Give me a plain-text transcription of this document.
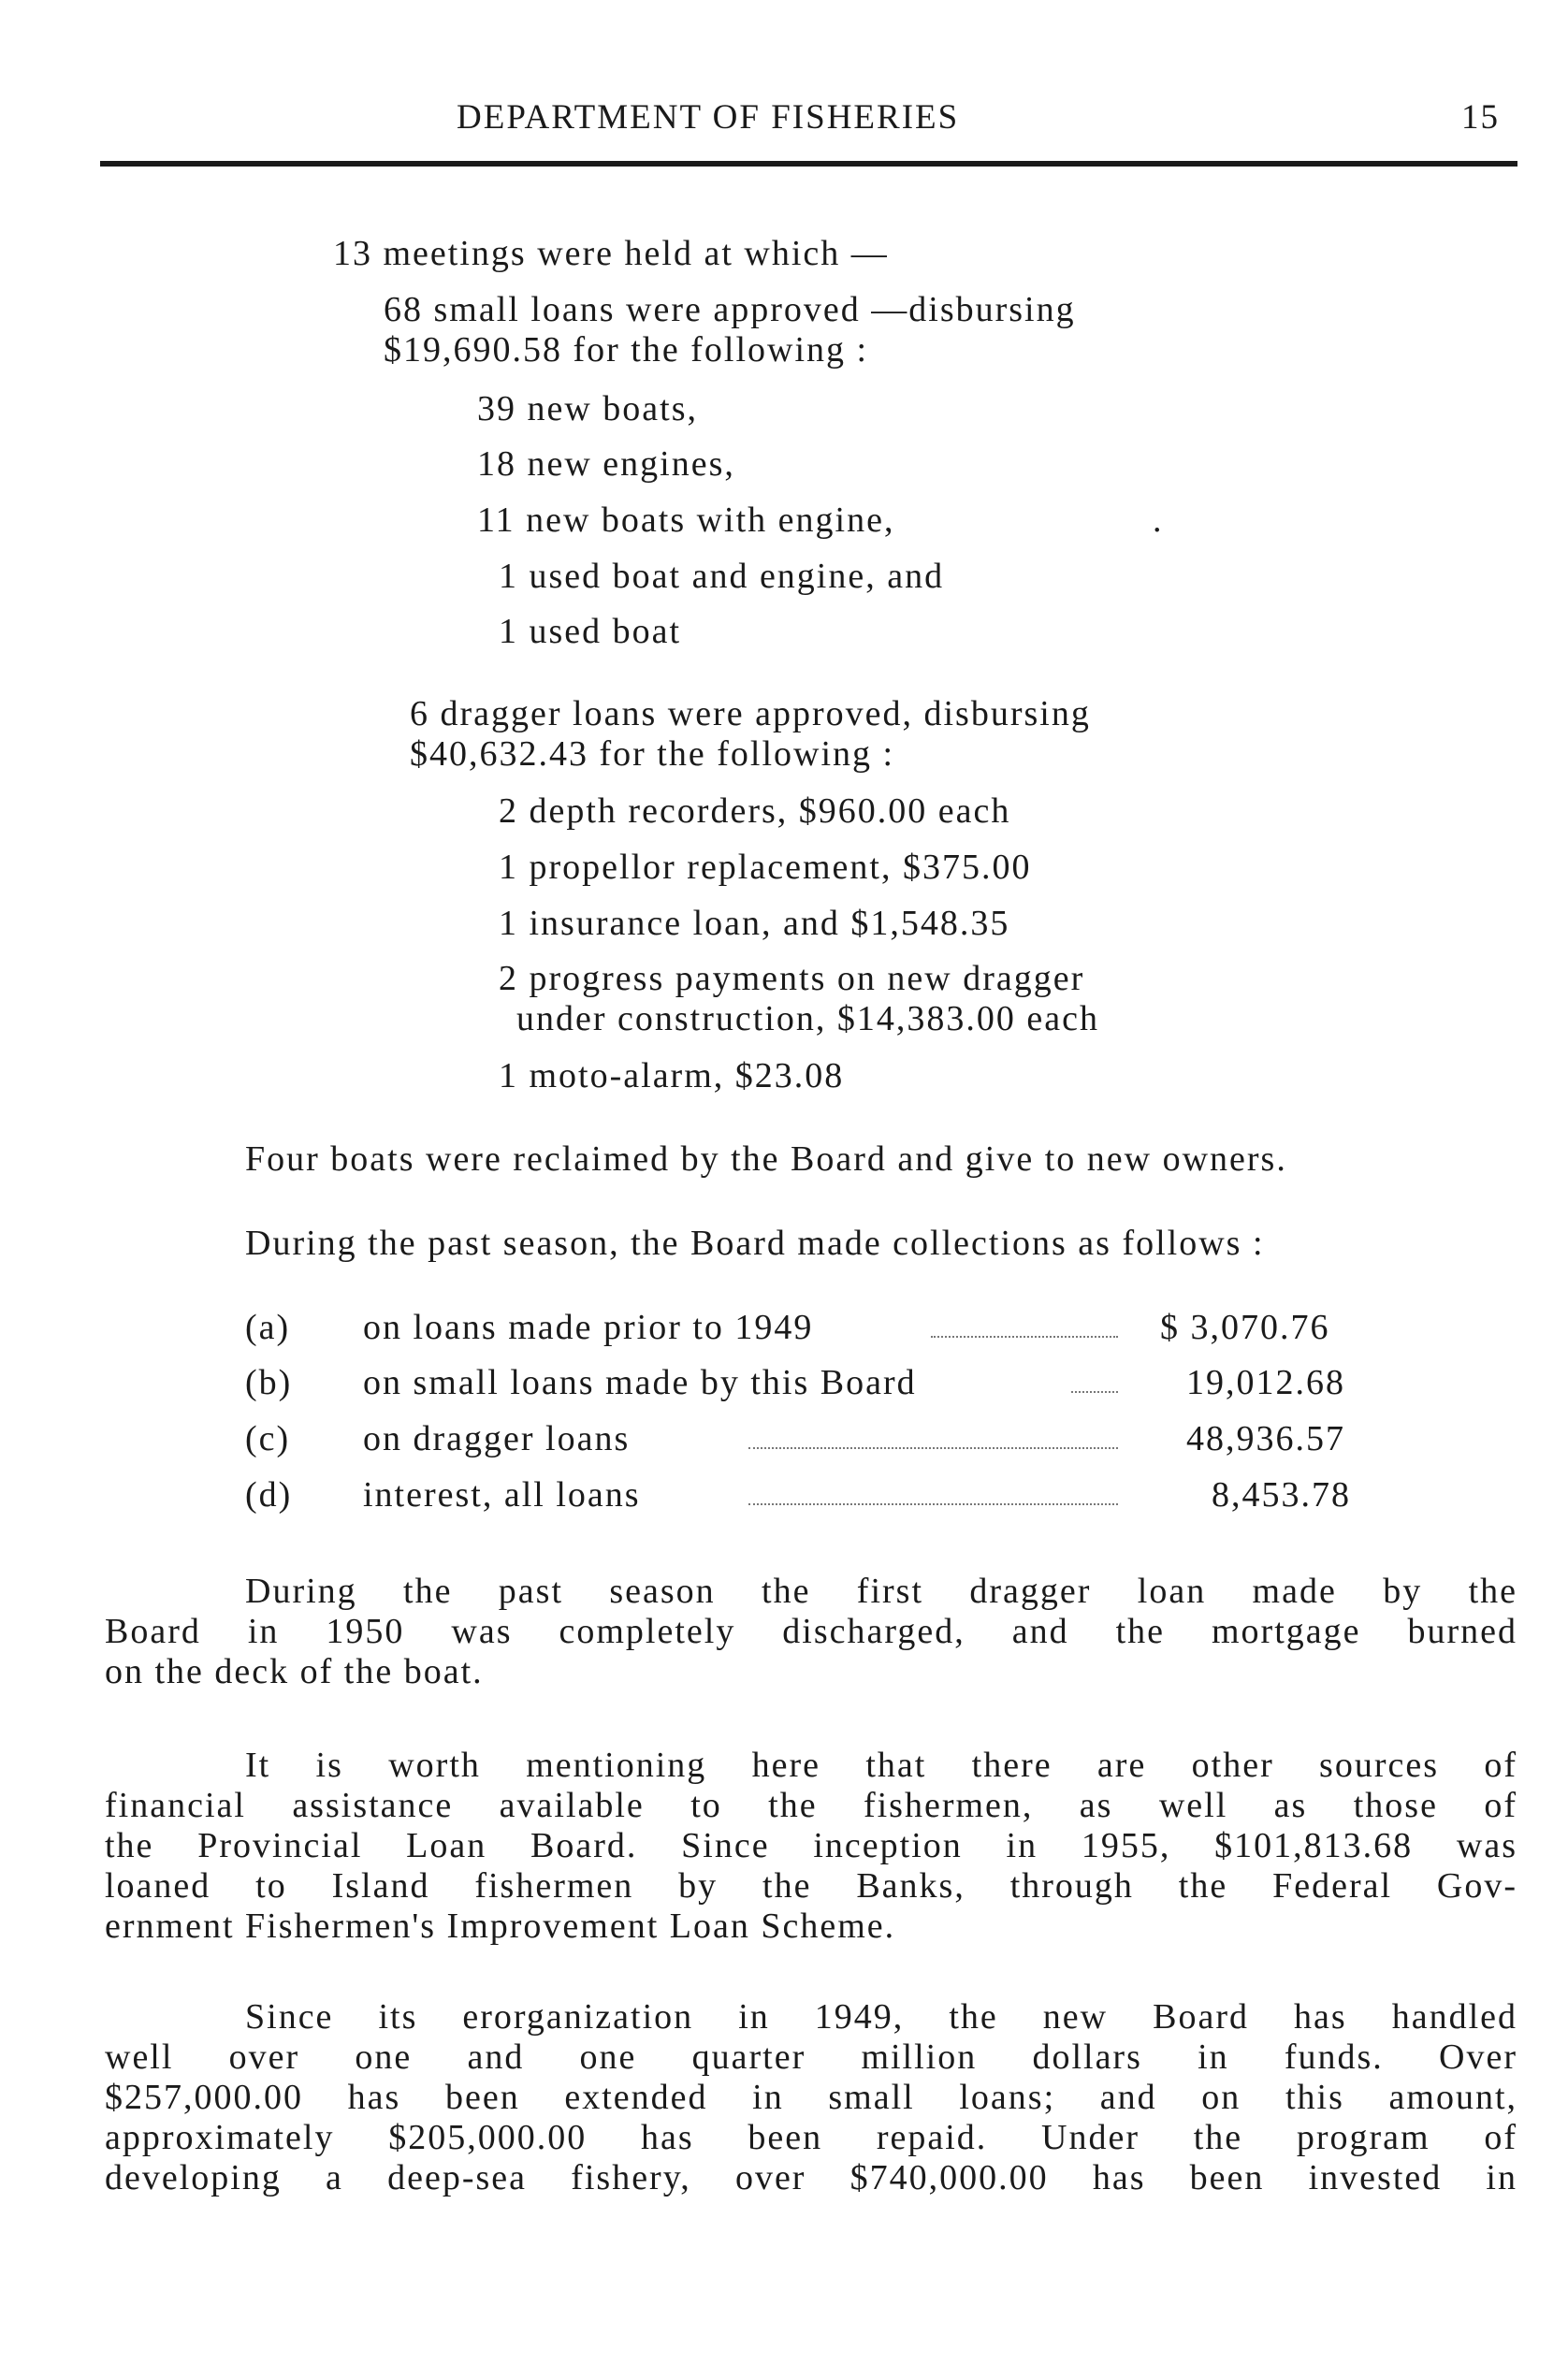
DEPARTMENT OF FISHERIES	15
13 meetings were held at which —
68 small loans were approved —disbursing
$19,690.58 for the following :
39 new boats,
18 new engines,
11 new boats with engine,	.
1 used boat and engine, and
1 used boat
6 dragger loans were approved, disbursing
$40,632.43 for the following :
2 depth recorders, $960.00 each
1 propellor replacement, $375.00
1 insurance loan, and $1,548.35
2 progress payments on new dragger
under construction, $14,383.00 each
1 moto-alarm, $23.08
Four boats were reclaimed by the Board and give to new owners.
During the past season, the Board made collections as follows :
(a) on loans made prior to 1949	$ 3,070.76
(b) on small loans made by this Board	19,012.68
(c) on dragger loans	48,936.57
(d) interest, all loans	8,453.78
During the past season the first dragger loan made by the
Board in 1950 was completely discharged, and the mortgage burned
on the deck of the boat.
It is worth mentioning here that there are other sources of
financial assistance available to the fishermen, as well as those of
the Provincial Loan Board. Since inception in 1955, $101,813.68 was
loaned to Island fishermen by the Banks, through the Federal Gov-
ernment Fishermen's Improvement Loan Scheme.
Since its erorganization in 1949, the new Board has handled
well over one and one quarter million dollars in funds. Over
$257,000.00 has been extended in small loans; and on this amount,
approximately $205,000.00 has been repaid. Under the program of
developing a deep-sea fishery, over $740,000.00 has been invested in
